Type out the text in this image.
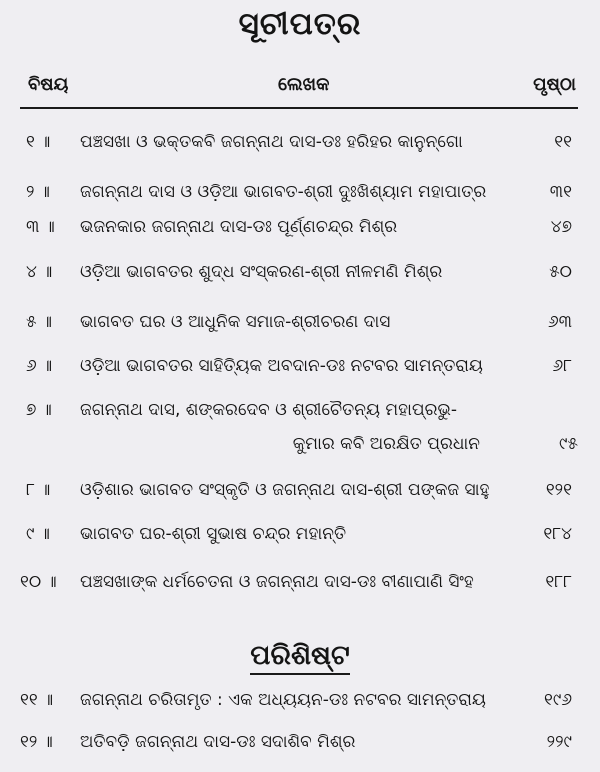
ସୂଚୀପତ୍ର
ବିଷୟ	ଲେଖକ	ପୃଷ୍ଠା
୧ ॥ ପଞ୍ଚସଖା ଓ ଭକ୍ତକବି ଜଗନ୍ନାଥ ଦାସ-ଡଃ ହରିହର କାନୁନ୍‌ଗୋ	୧୧
୨ ॥ ଜଗନ୍ନାଥ ଦାସ ଓ ଓଡ଼ିଆ ଭାଗବତ-ଶ୍ରୀ ଦୁଃଖିଶ୍ୟାମ ମହାପାତ୍ର	୩୧
୩ ॥ ଭଜନକାର ଜଗନ୍ନାଥ ଦାସ-ଡଃ ପୂର୍ଣ୍ଣଚନ୍ଦ୍ର ମିଶ୍ର	୪୭
୪ ॥ ଓଡ଼ିଆ ଭାଗବତର ଶୁଦ୍ଧ ସଂସ୍କରଣ-ଶ୍ରୀ ନୀଳମଣି ମିଶ୍ର	୫୦
୫ ॥ ଭାଗବତ ଘର ଓ ଆଧୁନିକ ସମାଜ-ଶ୍ରୀଚରଣ ଦାସ	୬୩
୬ ॥ ଓଡ଼ିଆ ଭାଗବତର ସାହିତ୍ୟିକ ଅବଦାନ-ଡଃ ନଟବର ସାମନ୍ତରାୟ	୬୮
୭ ॥ ଜଗନ୍ନାଥ ଦାସ, ଶଙ୍କରଦେବ ଓ ଶ୍ରୀଚୈତନ୍ୟ ମହାପ୍ରଭୁ-
କୁମାର କବି ଅରକ୍ଷିତ ପ୍ରଧାନ	୯୫
୮ ॥ ଓଡ଼ିଶାର ଭାଗବତ ସଂସ୍କୃତି ଓ ଜଗନ୍ନାଥ ଦାସ-ଶ୍ରୀ ପଙ୍କଜ ସାହୁ	୧୨୧
୯ ॥ ଭାଗବତ ଘର-ଶ୍ରୀ ସୁଭାଷ ଚନ୍ଦ୍ର ମହାନ୍ତି	୧୮୪
୧୦ ॥ ପଞ୍ଚସଖାଙ୍କ ଧର୍ମଚେତନା ଓ ଜଗନ୍ନାଥ ଦାସ-ଡଃ ବୀଣାପାଣି ସିଂହ	୧୮୮
ପରିଶିଷ୍ଟ
୧୧ ॥ ଜଗନ୍ନାଥ ଚରିତାମୃତ : ଏକ ଅଧ୍ୟୟନ-ଡଃ ନଟବର ସାମନ୍ତରାୟ	୧୯୬
୧୨ ॥ ଅତିବଡ଼ି ଜଗନ୍ନାଥ ଦାସ-ଡଃ ସଦାଶିବ ମିଶ୍ର	୨୨୯
